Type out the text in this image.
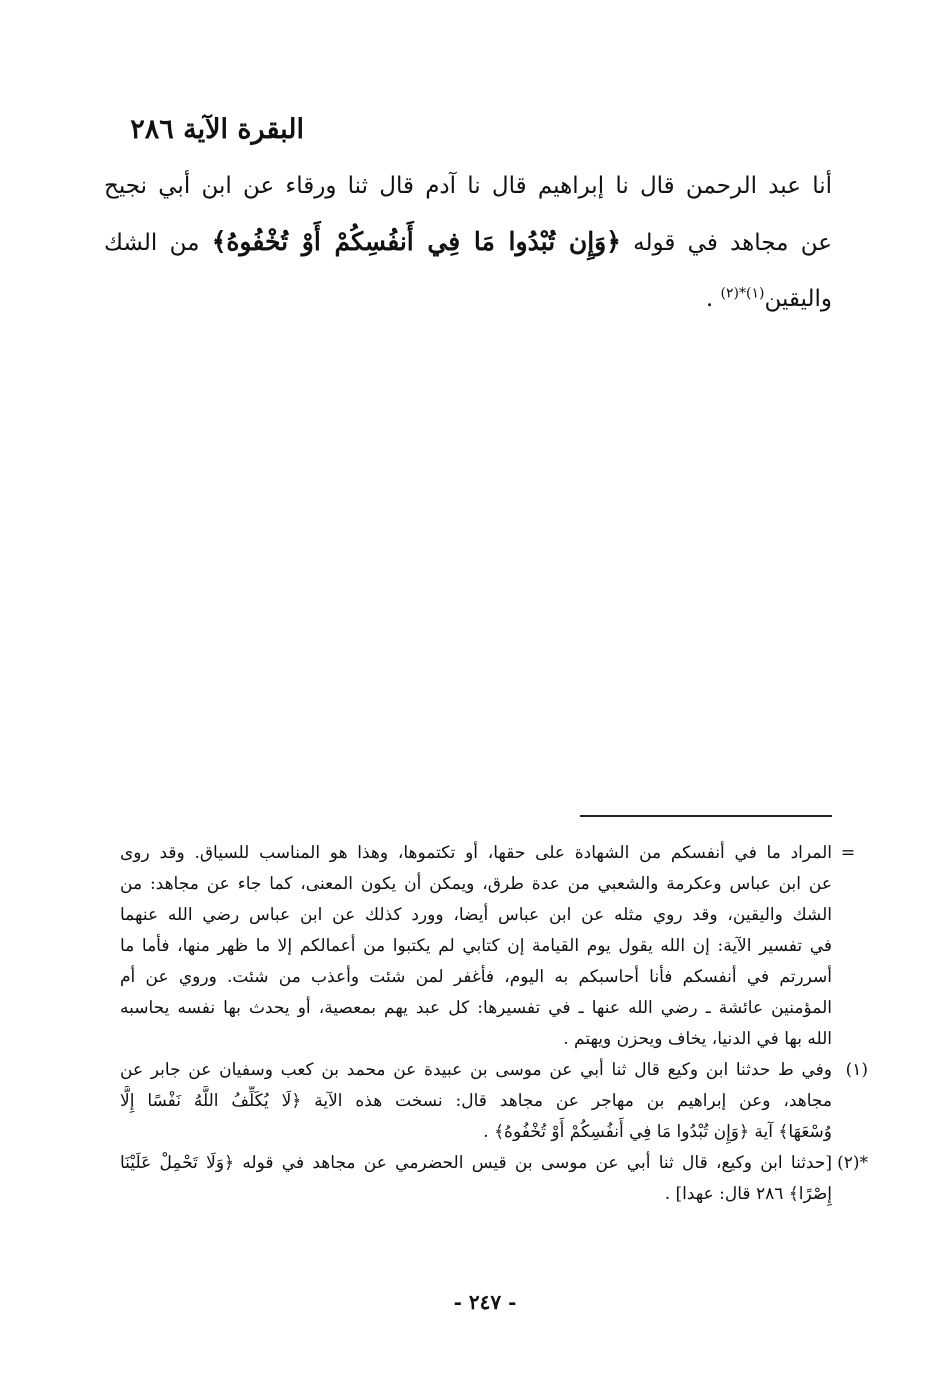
البقرة الآية ٢٨٦
أنا عبد الرحمن قال نا إبراهيم قال نا آدم قال ثنا ورقاء عن ابن أبي نجيح
عن مجاهد في قوله ﴿وَإِن تُبْدُوا مَا فِي أَنفُسِكُمْ أَوْ تُخْفُوهُ﴾ من الشك
واليقين$^{(١)*(٢)}$ .
=
المراد ما في أنفسكم من الشهادة على حقها، أو تكتموها، وهذا هو المناسب للسياق. وقد روى
عن ابن عباس وعكرمة والشعبي من عدة طرق، ويمكن أن يكون المعنى، كما جاء عن مجاهد: من
الشك واليقين، وقد روي مثله عن ابن عباس أيضا، وورد كذلك عن ابن عباس رضي الله عنهما
في تفسير الآية: إن الله يقول يوم القيامة إن كتابي لم يكتبوا من أعمالكم إلا ما ظهر منها، فأما ما
أسررتم في أنفسكم فأنا أحاسبكم به اليوم، فأغفر لمن شئت وأعذب من شئت. وروي عن أم
المؤمنين عائشة ـ رضي الله عنها ـ في تفسيرها: كل عبد يهم بمعصية، أو يحدث بها نفسه يحاسبه
الله بها في الدنيا، يخاف ويحزن ويهتم .
(١)
وفي ط حدثنا ابن وكيع قال ثنا أبي عن موسى بن عبيدة عن محمد بن كعب وسفيان عن جابر عن
مجاهد، وعن إبراهيم بن مهاجر عن مجاهد قال: نسخت هذه الآية ﴿لَا يُكَلِّفُ اللَّهُ نَفْسًا إِلَّا
وُسْعَهَا﴾ آية ﴿وَإِن تُبْدُوا مَا فِي أَنفُسِكُمْ أَوْ تُخْفُوهُ﴾ .
*(٢)
[حدثنا ابن وكيع، قال ثنا أبي عن موسى بن قيس الحضرمي عن مجاهد في قوله ﴿وَلَا تَحْمِلْ عَلَيْنَا
إِصْرًا﴾ ٢٨٦ قال: عهدا] .
- ٢٤٧ -
